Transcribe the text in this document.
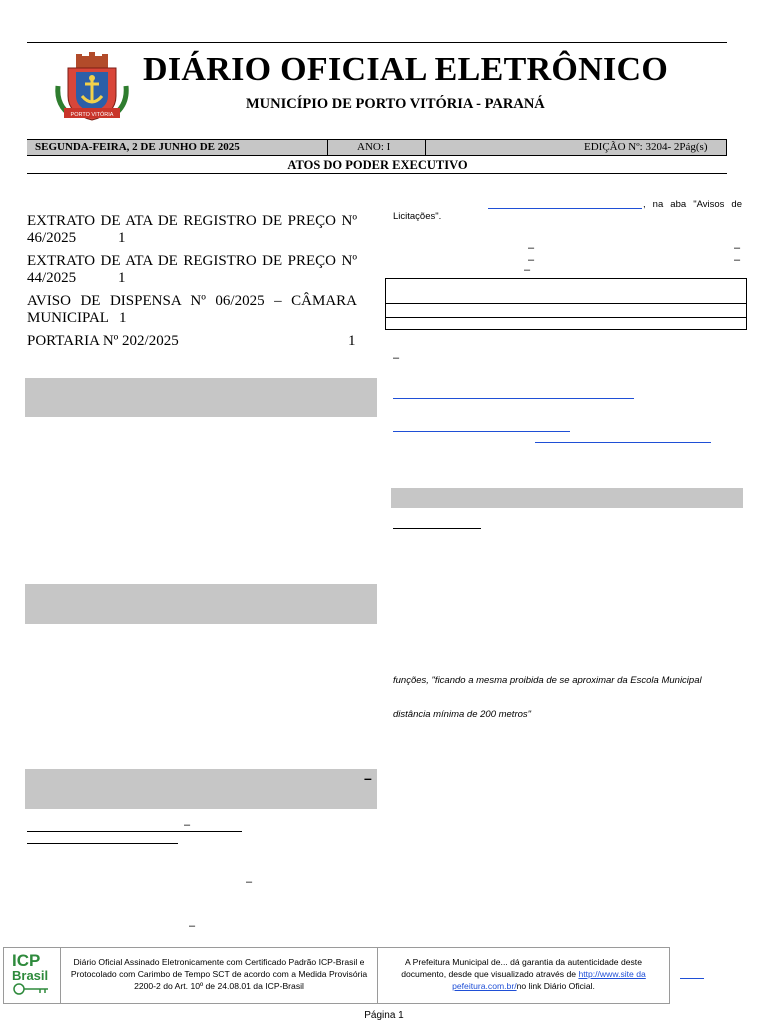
PORTO VITÓRIA
DIÁRIO OFICIAL ELETRÔNICO
MUNICÍPIO DE PORTO VITÓRIA - PARANÁ
SEGUNDA-FEIRA, 2 DE JUNHO DE 2025	ANO: I	EDIÇÃO Nº: 3204- 2Pág(s)
ATOS DO PODER EXECUTIVO
EXTRATO DE ATA DE REGISTRO DE PREÇO Nº
46/2025	1
EXTRATO DE ATA DE REGISTRO DE PREÇO Nº
44/2025	1
AVISO DE DISPENSA Nº 06/2025 – CÂMARA
MUNICIPAL 1
PORTARIA Nº 202/2025	1
–
–
–
–
, na aba "Avisos de
Licitações".
–	–
–	–
–
–
funções, "ficando a mesma proibida de se aproximar da Escola Municipal
distância mínima de 200 metros"
ICP
Brasil
Diário Oficial Assinado Eletronicamente com Certificado Padrão ICP-Brasil e Protocolado com Carimbo de Tempo SCT de acordo com a Medida Provisória 2200-2 do Art. 10º de 24.08.01 da ICP-Brasil
A Prefeitura Municipal de... dá garantia da autenticidade deste documento, desde que visualizado através de http://www.site da pefeitura.com.br/no link Diário Oficial.
Página 1
